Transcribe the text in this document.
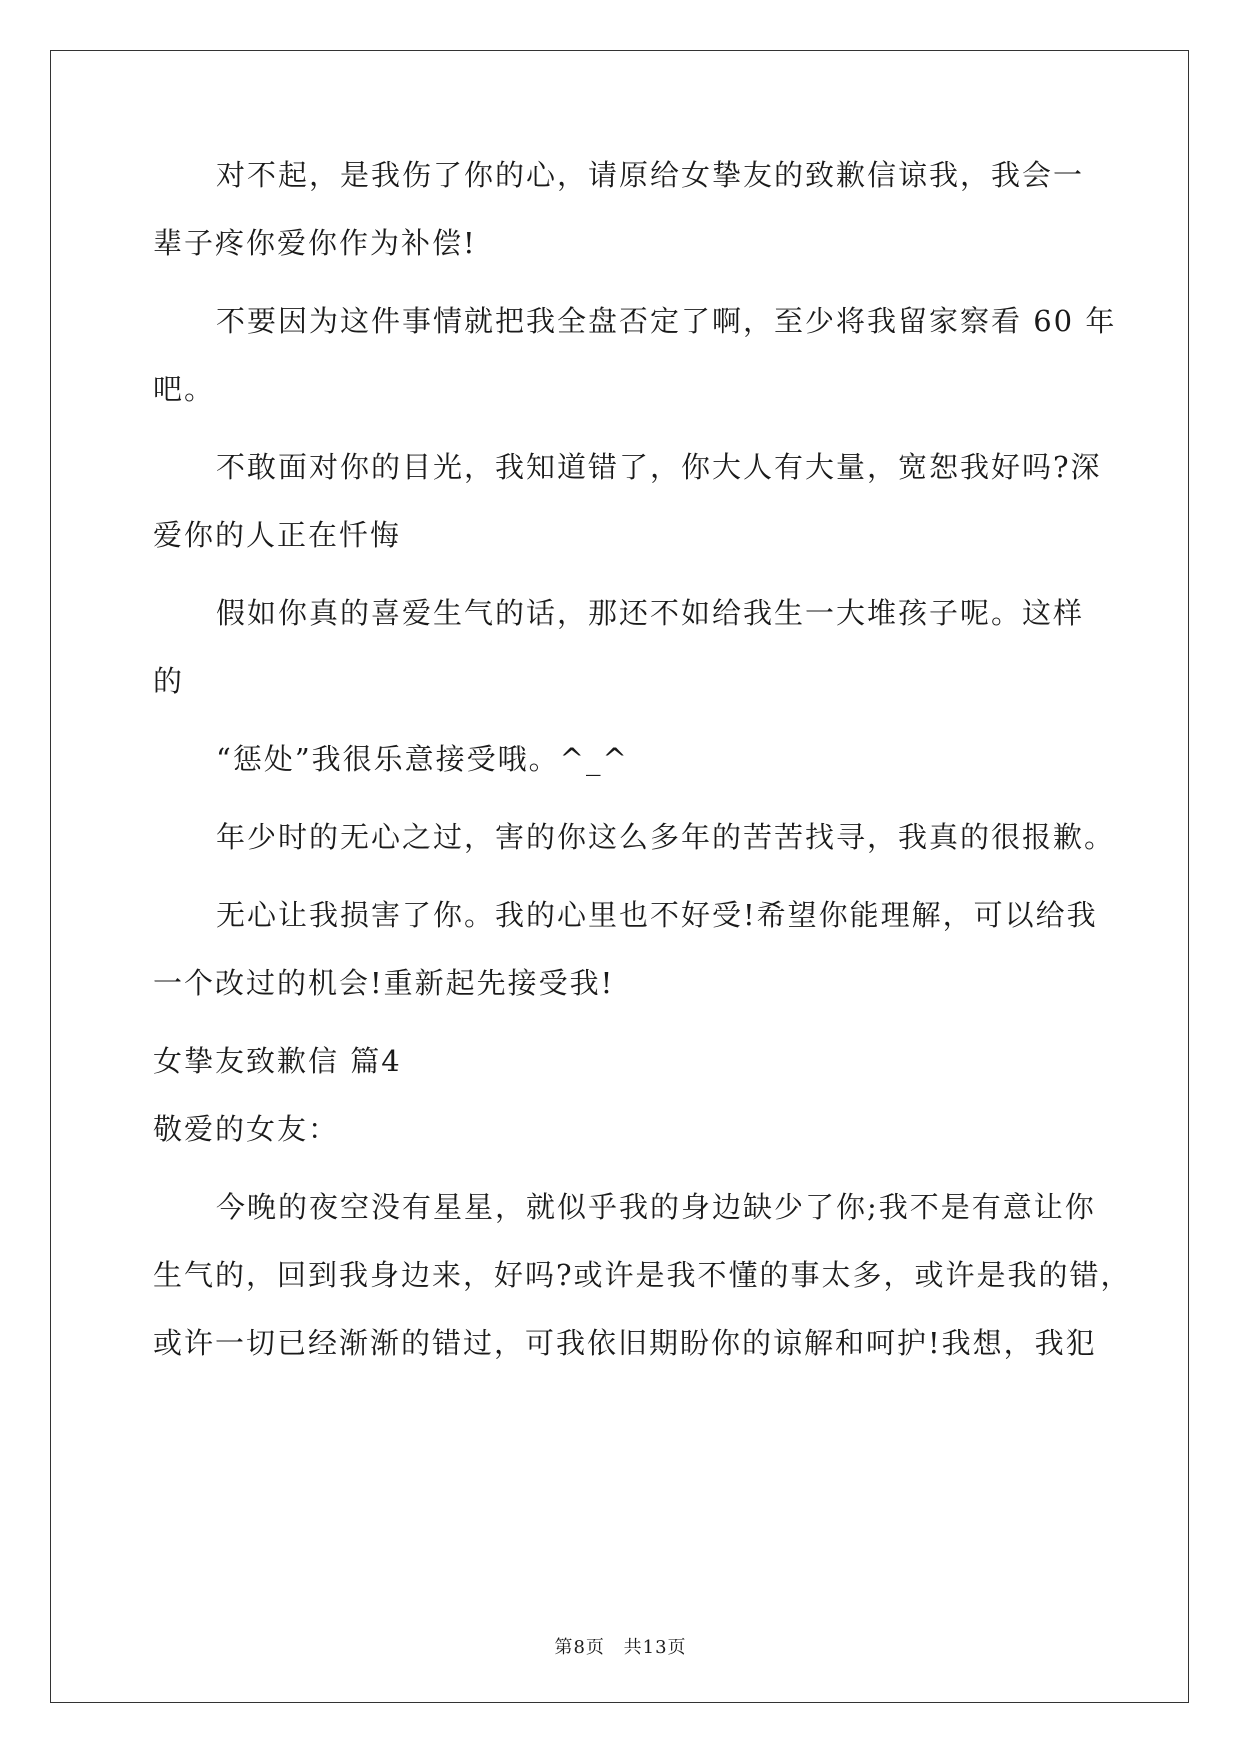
对不起，是我伤了你的心，请原给女挚友的致歉信谅我，我会一
辈子疼你爱你作为补偿!
不要因为这件事情就把我全盘否定了啊，至少将我留家察看 60 年
吧。
不敢面对你的目光，我知道错了，你大人有大量，宽恕我好吗?深
爱你的人正在忏悔
假如你真的喜爱生气的话，那还不如给我生一大堆孩子呢。这样
的
“惩处”我很乐意接受哦。^_^
年少时的无心之过，害的你这么多年的苦苦找寻，我真的很报歉。
无心让我损害了你。我的心里也不好受!希望你能理解，可以给我
一个改过的机会!重新起先接受我!
女挚友致歉信 篇4
敬爱的女友：
今晚的夜空没有星星，就似乎我的身边缺少了你;我不是有意让你
生气的，回到我身边来，好吗?或许是我不懂的事太多，或许是我的错，
或许一切已经渐渐的错过，可我依旧期盼你的谅解和呵护!我想，我犯
第8页 共13页
